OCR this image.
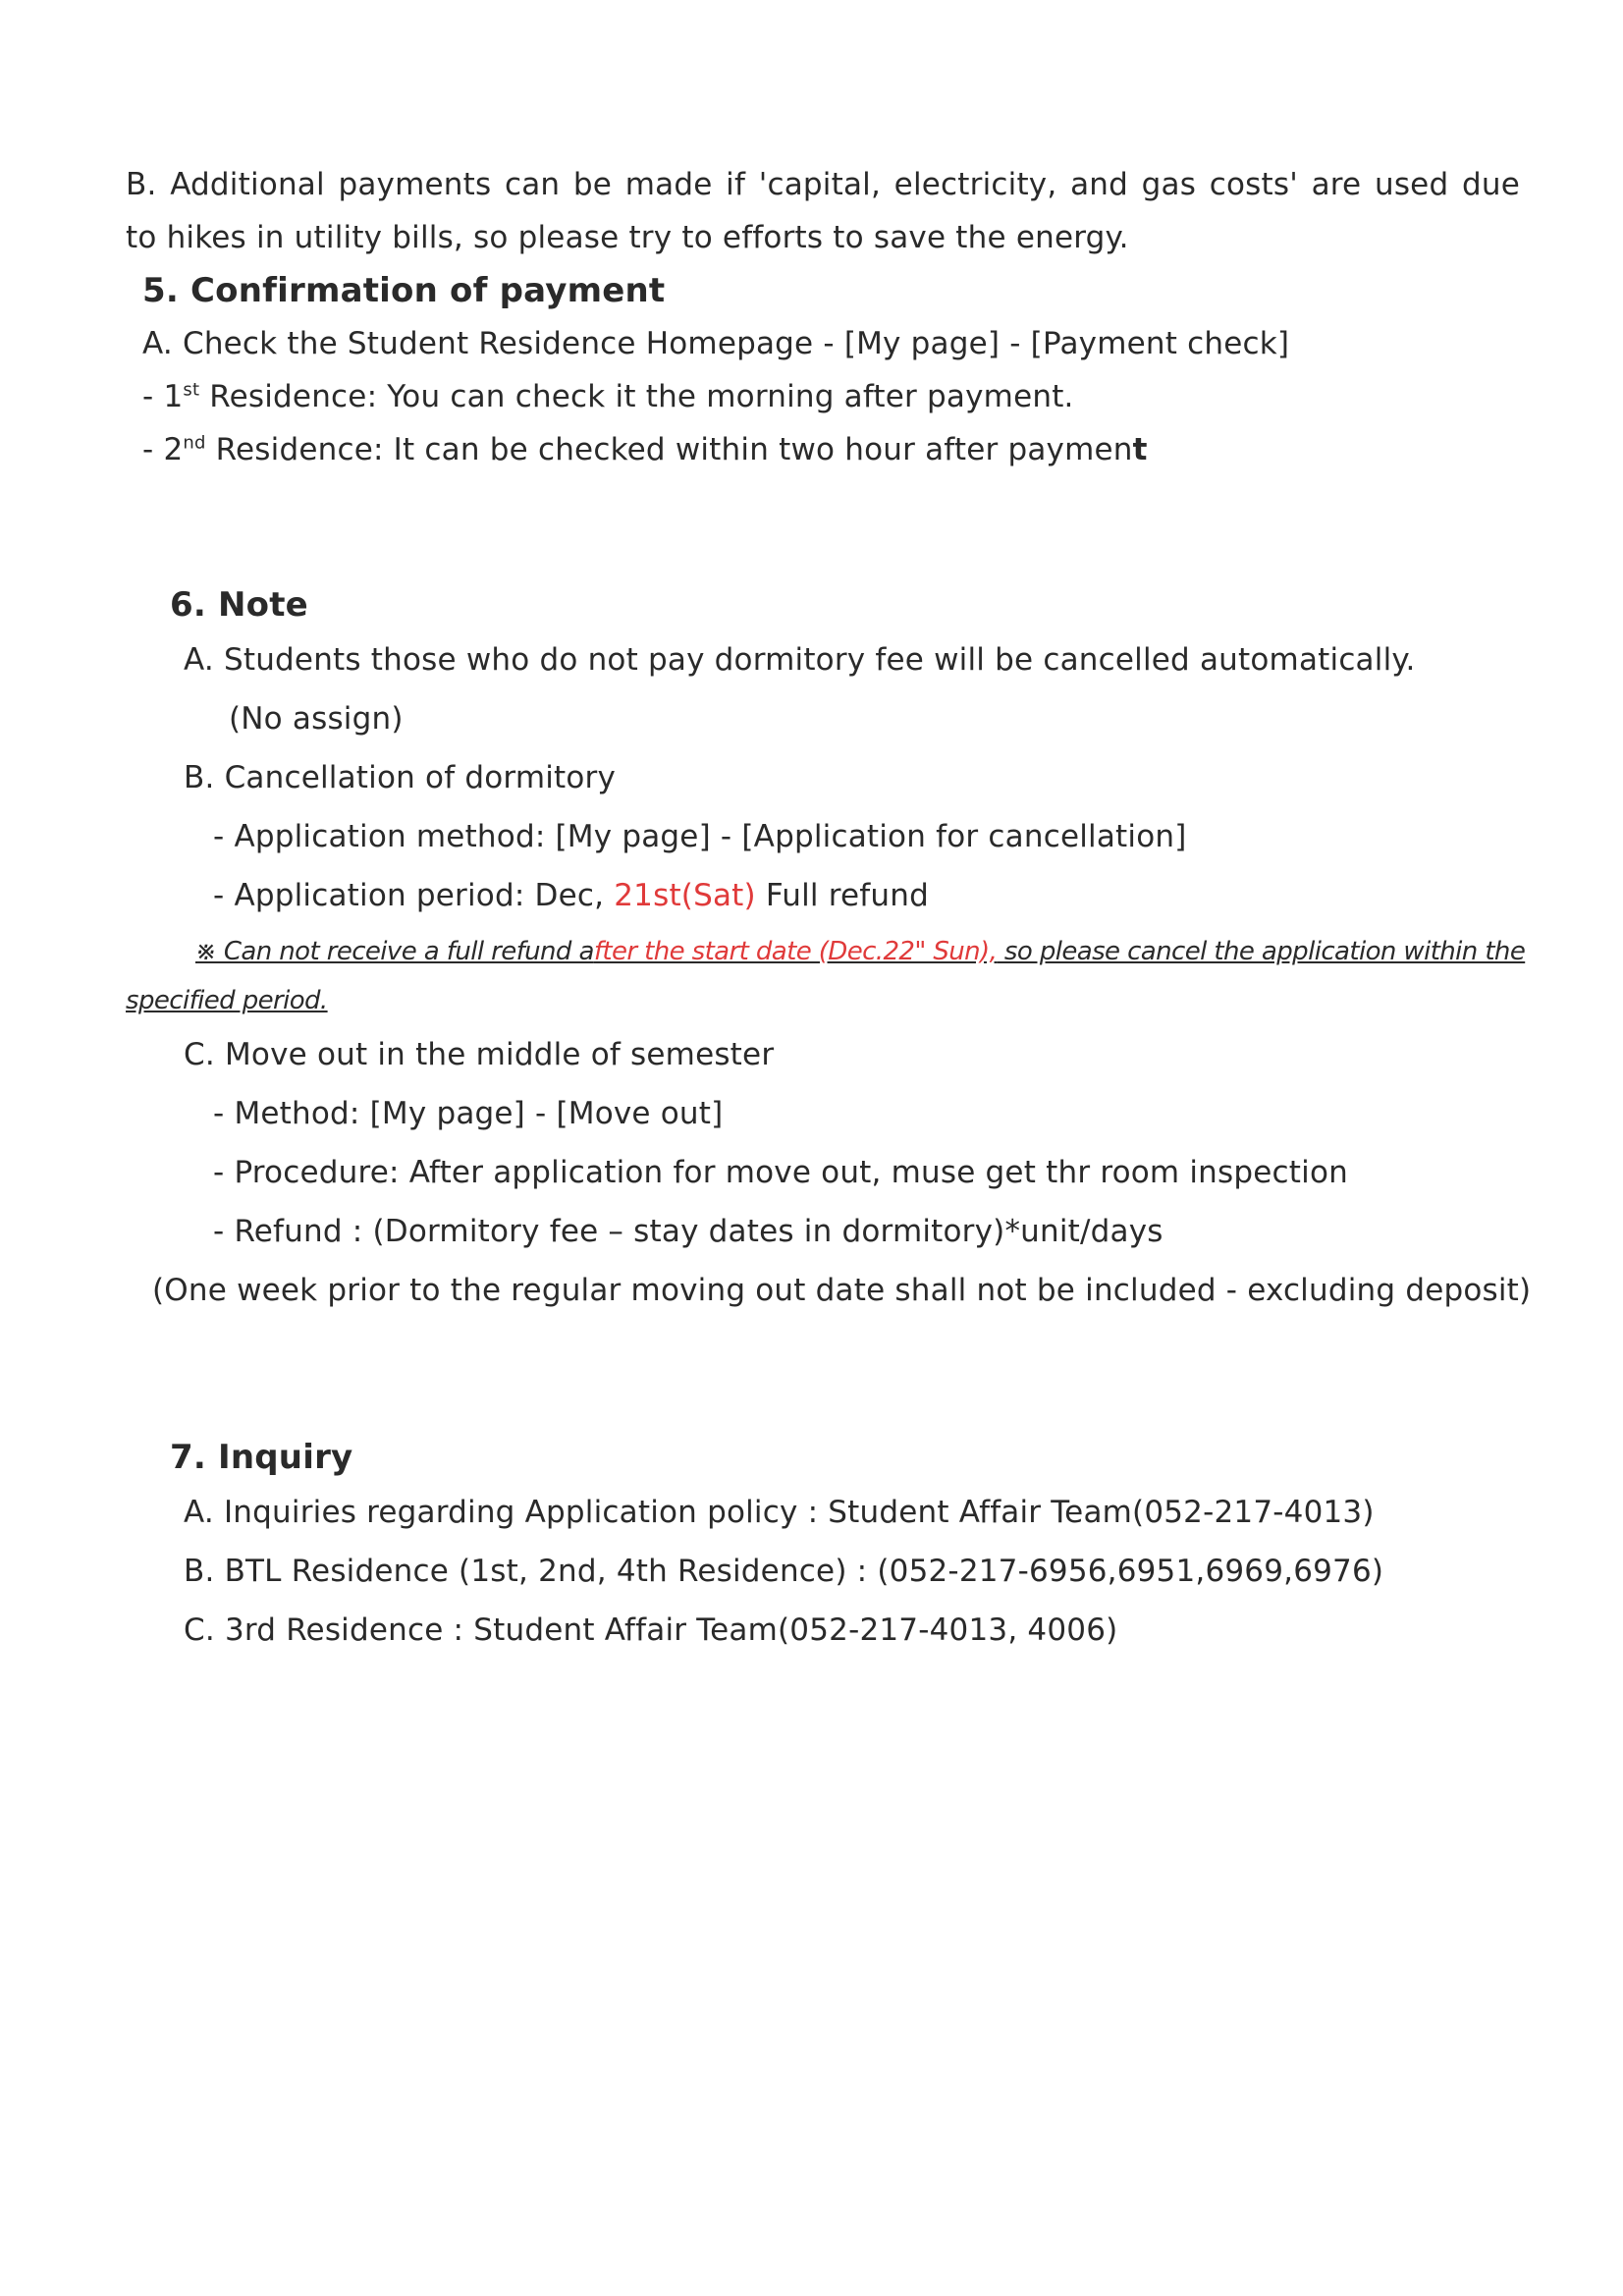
B. Additional payments can be made if 'capital, electricity, and gas costs' are used due
to hikes in utility bills, so please try to efforts to save the energy.
5. Confirmation of payment
A. Check the Student Residence Homepage - [My page] - [Payment check]
- 1st Residence: You can check it the morning after payment.
- 2nd Residence: It can be checked within two hour after payment
6. Note
A. Students those who do not pay dormitory fee will be cancelled automatically.
(No assign)
B. Cancellation of dormitory
- Application method: [My page] - [Application for cancellation]
- Application period: Dec, 21st(Sat) Full refund
※ Can not receive a full refund after the start date (Dec.22" Sun), so please cancel the application within the
specified period.
C. Move out in the middle of semester
- Method: [My page] - [Move out]
- Procedure: After application for move out, muse get thr room inspection
- Refund : (Dormitory fee – stay dates in dormitory)*unit/days
(One week prior to the regular moving out date shall not be included - excluding deposit)
7. Inquiry
A. Inquiries regarding Application policy : Student Affair Team(052-217-4013)
B. BTL Residence (1st, 2nd, 4th Residence) : (052-217-6956,6951,6969,6976)
C. 3rd Residence : Student Affair Team(052-217-4013, 4006)
